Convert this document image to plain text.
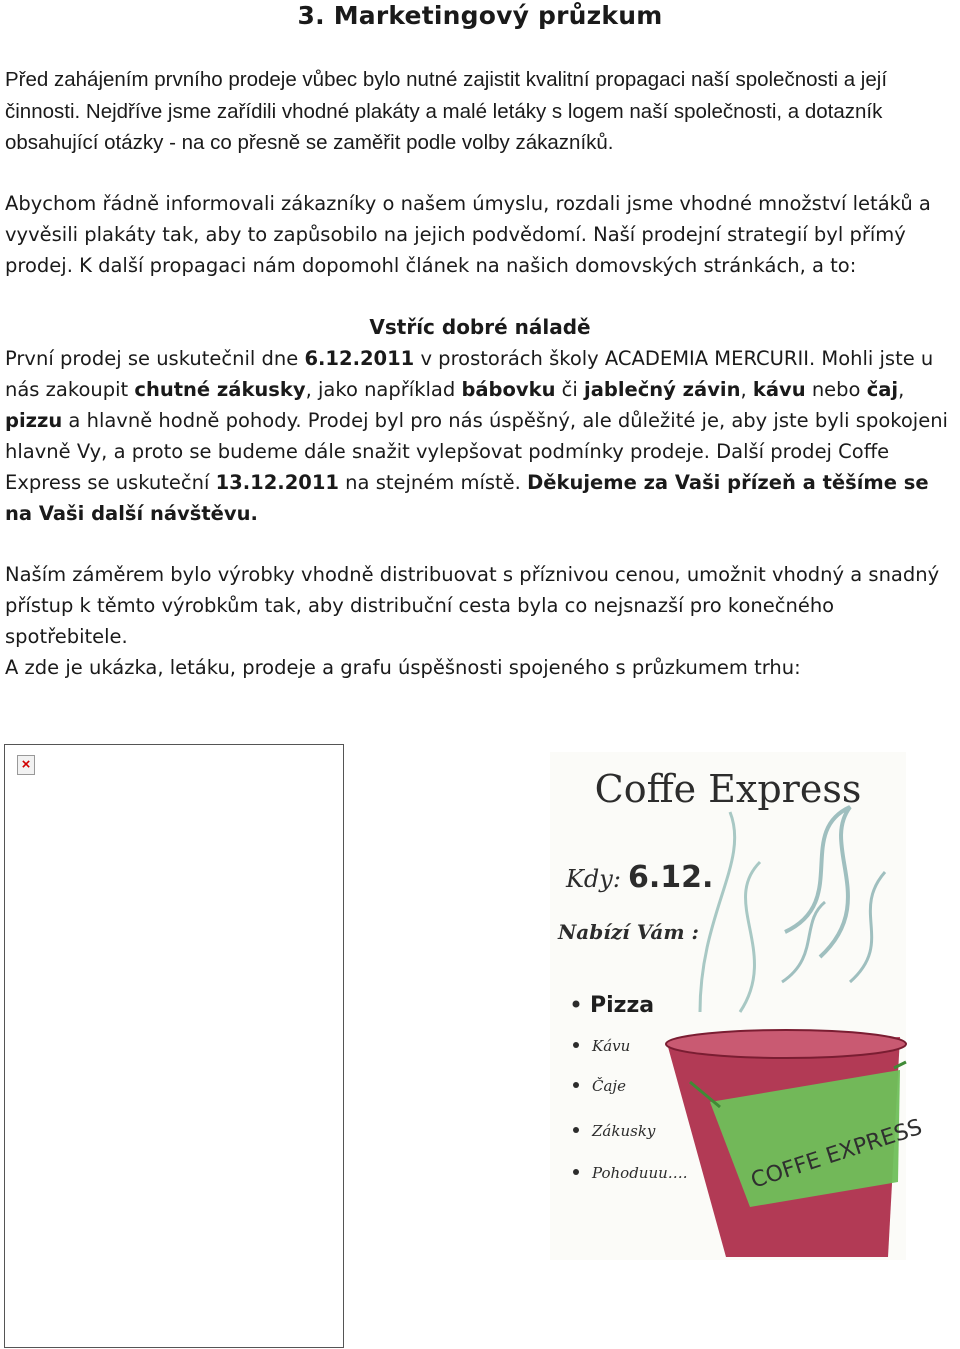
3. Marketingový průzkum

Před zahájením prvního prodeje vůbec bylo nutné zajistit kvalitní propagaci naší společnosti a její činnosti. Nejdříve jsme zařídili vhodné plakáty a malé letáky s logem naší společnosti, a dotazník obsahující otázky - na co přesně se zaměřit podle volby zákazníků.

Abychom řádně informovali zákazníky o našem úmyslu, rozdali jsme vhodné množství letáků a vyvěsili plakáty tak, aby to zapůsobilo na jejich podvědomí. Naší prodejní strategií byl přímý prodej. K další propagaci nám dopomohl článek na našich domovských stránkách, a to:

Vstříc dobré náladě

První prodej se uskutečnil dne 6.12.2011 v prostorách školy ACADEMIA MERCURII. Mohli jste u nás zakoupit chutné zákusky, jako například bábovku či jablečný závin, kávu nebo čaj, pizzu a hlavně hodně pohody. Prodej byl pro nás úspěšný, ale důležité je, aby jste byli spokojeni hlavně Vy, a proto se budeme dále snažit vylepšovat podmínky prodeje. Další prodej Coffe Express se uskuteční 13.12.2011 na stejném místě. Děkujeme za Vaši přízeň a těšíme se na Vaši další návštěvu.

Naším záměrem bylo výrobky vhodně distribuovat s příznivou cenou, umožnit vhodný a snadný přístup k těmto výrobkům tak, aby distribuční cesta byla co nejsnazší pro konečného spotřebitele.

A zde je ukázka, letáku, prodeje a grafu úspěšnosti spojeného s průzkumem trhu:

×
Coffe Express
Kdy: 6.12.
Nabízí Vám :
COFFE EXPRESS
Pizza
Kávu
Čaje
Zákusky
Pohoduuu….
